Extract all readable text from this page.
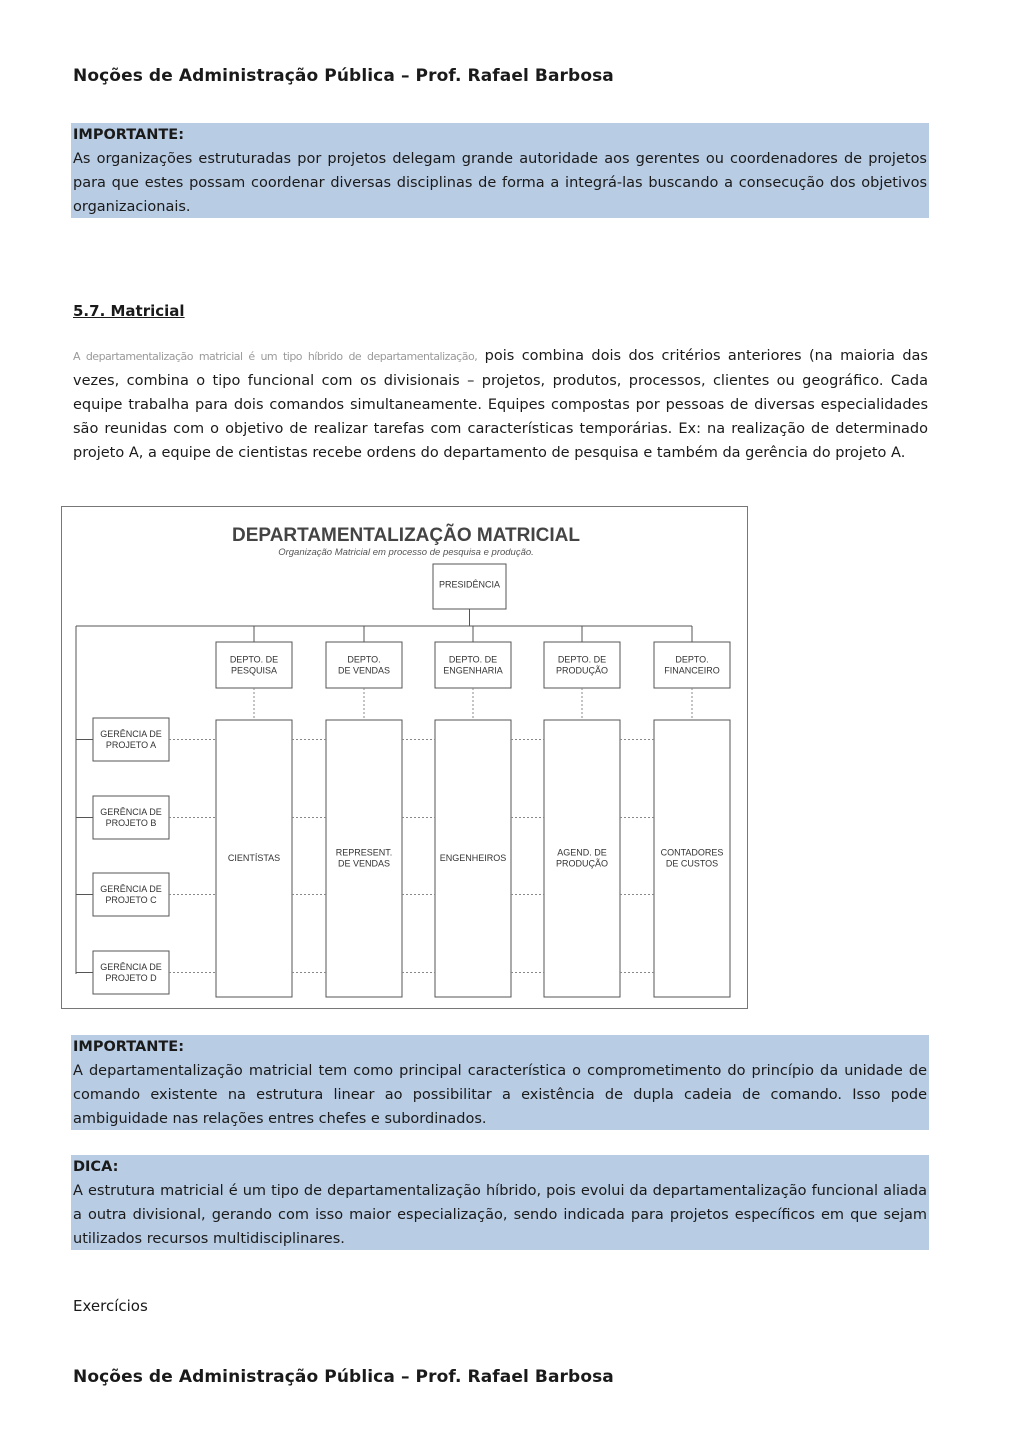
Noções de Administração Pública – Prof. Rafael Barbosa
IMPORTANTE:
As organizações estruturadas por projetos delegam grande autoridade aos gerentes ou coordenadores de projetos para que estes possam coordenar diversas disciplinas de forma a integrá-las buscando a consecução dos objetivos organizacionais.
5.7. Matricial
A departamentalização matricial é um tipo híbrido de departamentalização, pois combina dois dos critérios anteriores (na maioria das vezes, combina o tipo funcional com os divisionais – projetos, produtos, processos, clientes ou geográfico. Cada equipe trabalha para dois comandos simultaneamente. Equipes compostas por pessoas de diversas especialidades são reunidas com o objetivo de realizar tarefas com características temporárias. Ex: na realização de determinado projeto A, a equipe de cientistas recebe ordens do departamento de pesquisa e também da gerência do projeto A.
DEPARTAMENTALIZAÇÃO MATRICIAL
Organização Matricial em processo de pesquisa e produção.
PRESIDÊNCIA
DEPTO. DE PESQUISA
CIENTÍSTAS
DEPTO. DE VENDAS
REPRESENT. DE VENDAS
DEPTO. DE ENGENHARIA
ENGENHEIROS
DEPTO. DE PRODUÇÃO
AGEND. DE PRODUÇÃO
DEPTO. FINANCEIRO
CONTADORES DE CUSTOS
GERÊNCIA DE PROJETO A
GERÊNCIA DE PROJETO B
GERÊNCIA DE PROJETO C
GERÊNCIA DE PROJETO D
IMPORTANTE:
A departamentalização matricial tem como principal característica o comprometimento do princípio da unidade de comando existente na estrutura linear ao possibilitar a existência de dupla cadeia de comando. Isso pode ambiguidade nas relações entres chefes e subordinados.
DICA:
A estrutura matricial é um tipo de departamentalização híbrido, pois evolui da departamentalização funcional aliada a outra divisional, gerando com isso maior especialização, sendo indicada para projetos específicos em que sejam utilizados recursos multidisciplinares.
Exercícios
Noções de Administração Pública – Prof. Rafael Barbosa
